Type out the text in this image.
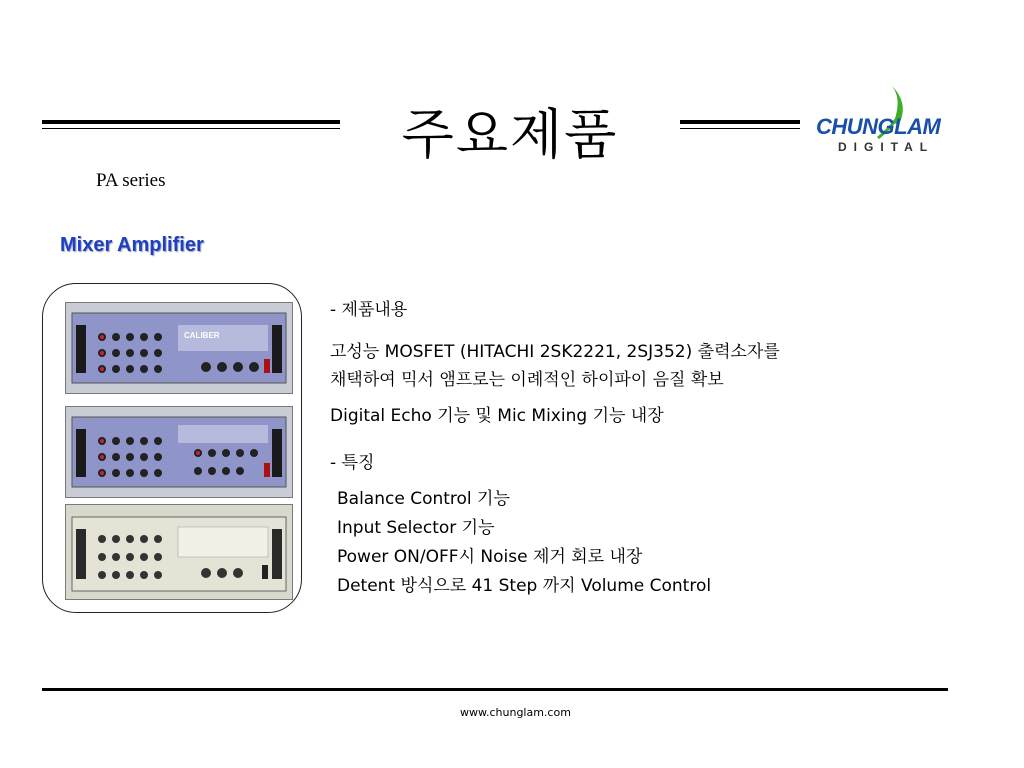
주요제품	CHUNGLAM
DIGITAL
PA series
Mixer Amplifier
CALIBER
- 제품내용
고성능 MOSFET (HITACHI 2SK2221, 2SJ352) 출력소자를
채택하여 믹서 앰프로는 이례적인 하이파이 음질 확보
Digital Echo 기능 및 Mic Mixing 기능 내장
- 특징
Balance Control 기능
Input Selector 기능
Power ON/OFF시 Noise 제거 회로 내장
Detent 방식으로 41 Step 까지 Volume Control
www.chunglam.com
